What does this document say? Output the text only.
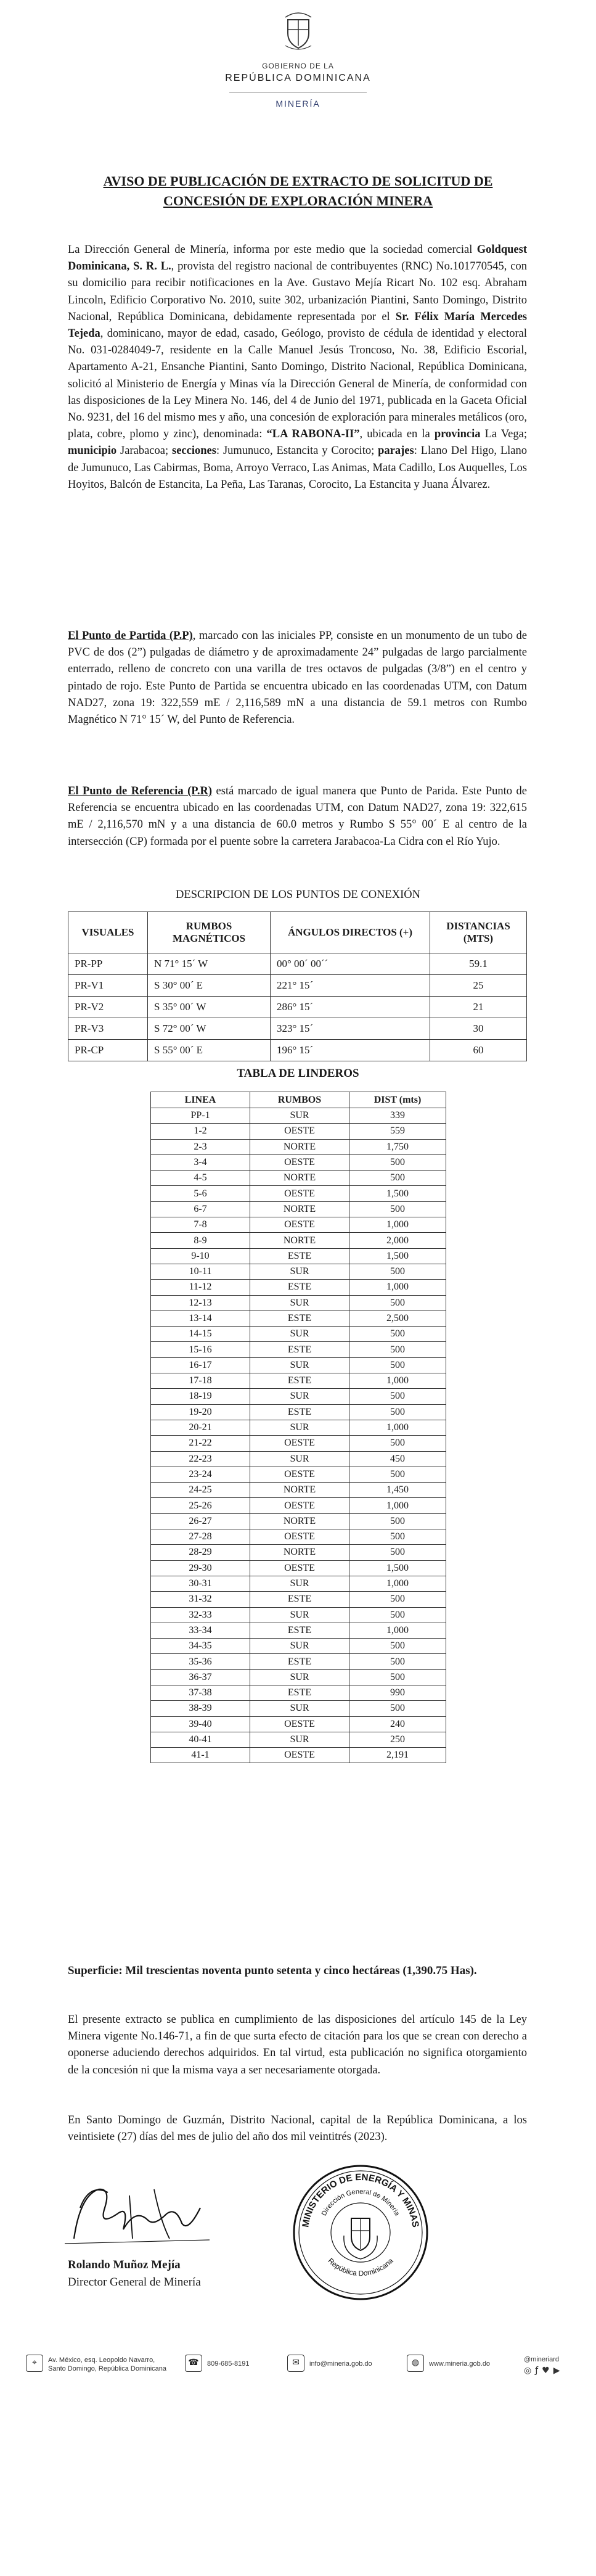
GOBIERNO DE LA
REPÚBLICA DOMINICANA
MINERÍA
AVISO DE PUBLICACIÓN DE EXTRACTO DE SOLICITUD DE
CONCESIÓN DE EXPLORACIÓN MINERA
La Dirección General de Minería, informa por este medio que la sociedad comercial Goldquest Dominicana, S. R. L., provista del registro nacional de contribuyentes (RNC) No.101770545, con su domicilio para recibir notificaciones en la Ave. Gustavo Mejía Ricart No. 102 esq. Abraham Lincoln, Edificio Corporativo No. 2010, suite 302, urbanización Piantini, Santo Domingo, Distrito Nacional, República Dominicana, debidamente representada por el Sr. Félix María Mercedes Tejeda, dominicano, mayor de edad, casado, Geólogo, provisto de cédula de identidad y electoral No. 031-0284049-7, residente en la Calle Manuel Jesús Troncoso, No. 38, Edificio Escorial, Apartamento A-21, Ensanche Piantini, Santo Domingo, Distrito Nacional, República Dominicana, solicitó al Ministerio de Energía y Minas vía la Dirección General de Minería, de conformidad con las disposiciones de la Ley Minera No. 146, del 4 de Junio del 1971, publicada en la Gaceta Oficial No. 9231, del 16 del mismo mes y año, una concesión de exploración para minerales metálicos (oro, plata, cobre, plomo y zinc), denominada: “LA RABONA-II”, ubicada en la provincia La Vega; municipio Jarabacoa; secciones: Jumunuco, Estancita y Corocito; parajes: Llano Del Higo, Llano de Jumunuco, Las Cabirmas, Boma, Arroyo Verraco, Las Animas, Mata Cadillo, Los Auquelles, Los Hoyitos, Balcón de Estancita, La Peña, Las Taranas, Corocito, La Estancita y Juana Álvarez.
El Punto de Partida (P.P), marcado con las iniciales PP, consiste en un monumento de un tubo de PVC de dos (2”) pulgadas de diámetro y de aproximadamente 24” pulgadas de largo parcialmente enterrado, relleno de concreto con una varilla de tres octavos de pulgadas (3/8”) en el centro y pintado de rojo. Este Punto de Partida se encuentra ubicado en las coordenadas UTM, con Datum NAD27, zona 19: 322,559 mE / 2,116,589 mN a una distancia de 59.1 metros con Rumbo Magnético N 71° 15´ W, del Punto de Referencia.
El Punto de Referencia (P.R) está marcado de igual manera que Punto de Parida. Este Punto de Referencia se encuentra ubicado en las coordenadas UTM, con Datum NAD27, zona 19: 322,615 mE / 2,116,570 mN y a una distancia de 60.0 metros y Rumbo S 55° 00´ E al centro de la intersección (CP) formada por el puente sobre la carretera Jarabacoa-La Cidra con el Río Yujo.
DESCRIPCION DE LOS PUNTOS DE CONEXIÓN
VISUALES	RUMBOS MAGNÉTICOS	ÁNGULOS DIRECTOS (+)	DISTANCIAS (MTS)
PR-PP	N 71° 15´ W	00° 00´ 00´´	59.1
PR-V1	S 30° 00´ E	221° 15´	25
PR-V2	S 35° 00´ W	286° 15´	21
PR-V3	S 72° 00´ W	323° 15´	30
PR-CP	S 55° 00´ E	196° 15´	60
TABLA DE LINDEROS
LINEA	RUMBOS	DIST (mts)
PP-1	SUR	339
1-2	OESTE	559
2-3	NORTE	1,750
3-4	OESTE	500
4-5	NORTE	500
5-6	OESTE	1,500
6-7	NORTE	500
7-8	OESTE	1,000
8-9	NORTE	2,000
9-10	ESTE	1,500
10-11	SUR	500
11-12	ESTE	1,000
12-13	SUR	500
13-14	ESTE	2,500
14-15	SUR	500
15-16	ESTE	500
16-17	SUR	500
17-18	ESTE	1,000
18-19	SUR	500
19-20	ESTE	500
20-21	SUR	1,000
21-22	OESTE	500
22-23	SUR	450
23-24	OESTE	500
24-25	NORTE	1,450
25-26	OESTE	1,000
26-27	NORTE	500
27-28	OESTE	500
28-29	NORTE	500
29-30	OESTE	1,500
30-31	SUR	1,000
31-32	ESTE	500
32-33	SUR	500
33-34	ESTE	1,000
34-35	SUR	500
35-36	ESTE	500
36-37	SUR	500
37-38	ESTE	990
38-39	SUR	500
39-40	OESTE	240
40-41	SUR	250
41-1	OESTE	2,191
Superficie: Mil trescientas noventa punto setenta y cinco hectáreas (1,390.75 Has).
El presente extracto se publica en cumplimiento de las disposiciones del artículo 145 de la Ley Minera vigente No.146-71, a fin de que surta efecto de citación para los que se crean con derecho a oponerse aduciendo derechos adquiridos. En tal virtud, esta publicación no significa otorgamiento de la concesión ni que la misma vaya a ser necesariamente otorgada.
En Santo Domingo de Guzmán, Distrito Nacional, capital de la República Dominicana, a los veintisiete (27) días del mes de julio del año dos mil veintitrés (2023).
Rolando Muñoz Mejía
Director General de Minería
MINISTERIO DE ENERGÍA Y MINAS
Dirección General de Minería
República Dominicana
⌖	Av. México, esq. Leopoldo Navarro,
Santo Domingo, República Dominicana
☎	809-685-8191	✉	info@mineria.gob.do	◍	www.mineria.gob.do
@mineriard
◎ƒ♥▶
